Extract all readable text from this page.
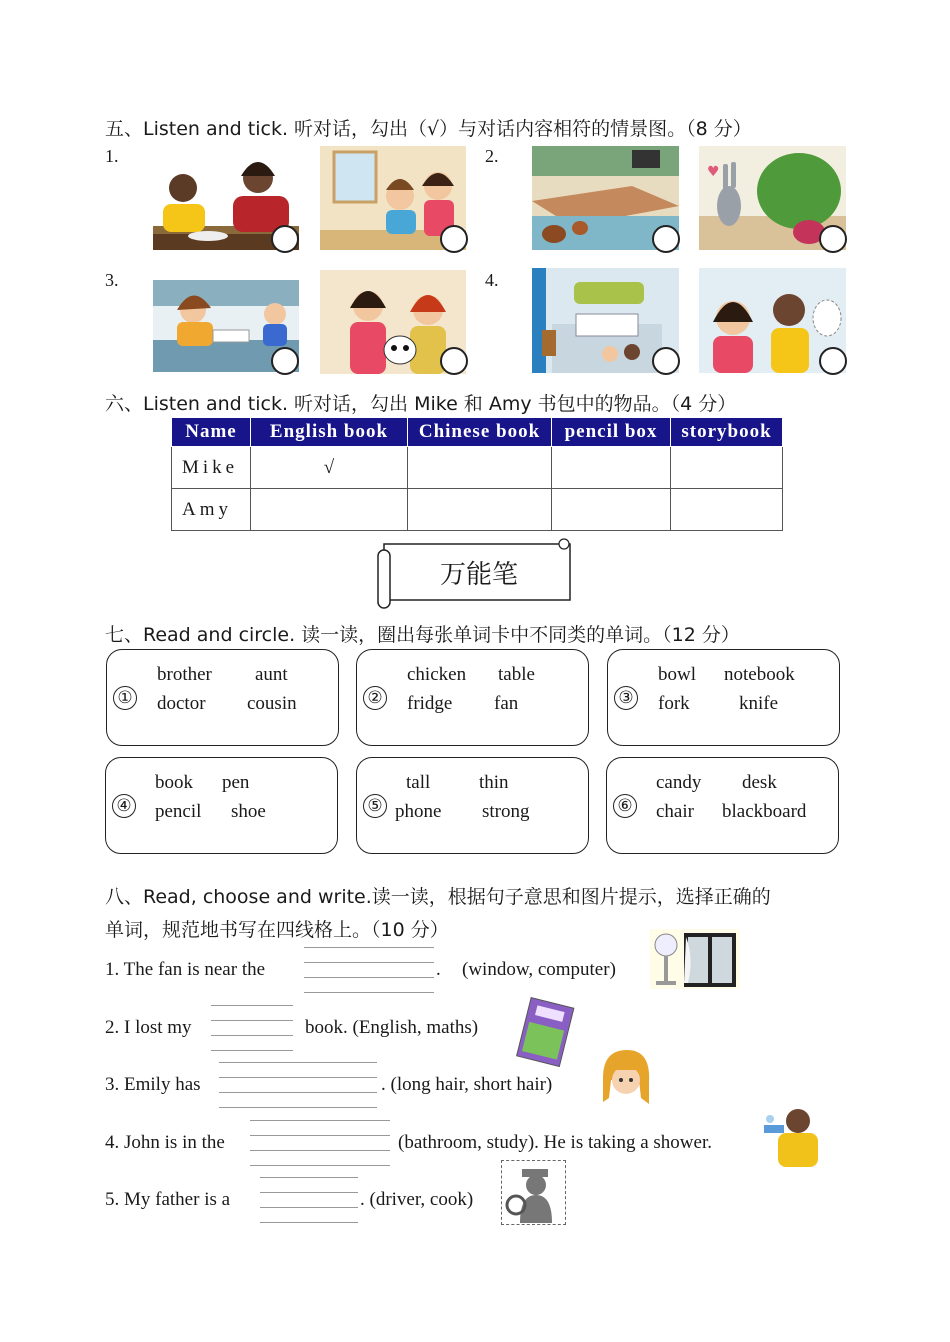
五、Listen and tick. 听对话，勾出（√）与对话内容相符的情景图。（8 分）
1.	2.
3.	4.
♥
六、Listen and tick. 听对话，勾出 Mike 和 Amy 书包中的物品。（4 分）
Name	English book	Chinese book	pencil box	storybook
Mike	√			
Amy				
万能笔
七、Read and circle. 读一读，圈出每张单词卡中不同类的单词。（12 分）
①
brother aunt
doctor cousin	②
chicken table
fridge fan	③
bowl notebook
fork	knife
④
book pen
pencil shoe	⑤
tall	thin
phone strong	⑥
candy desk
chair blackboard
八、Read, choose and write.读一读，根据句子意思和图片提示，选择正确的
单词，规范地书写在四线格上。（10 分）
1. The fan is near the	. (window, computer)
2. I lost my	book. (English, maths)
3. Emily has	. (long hair, short hair)
4. John is in the	(bathroom, study). He is taking a shower.
5. My father is a	. (driver, cook)
